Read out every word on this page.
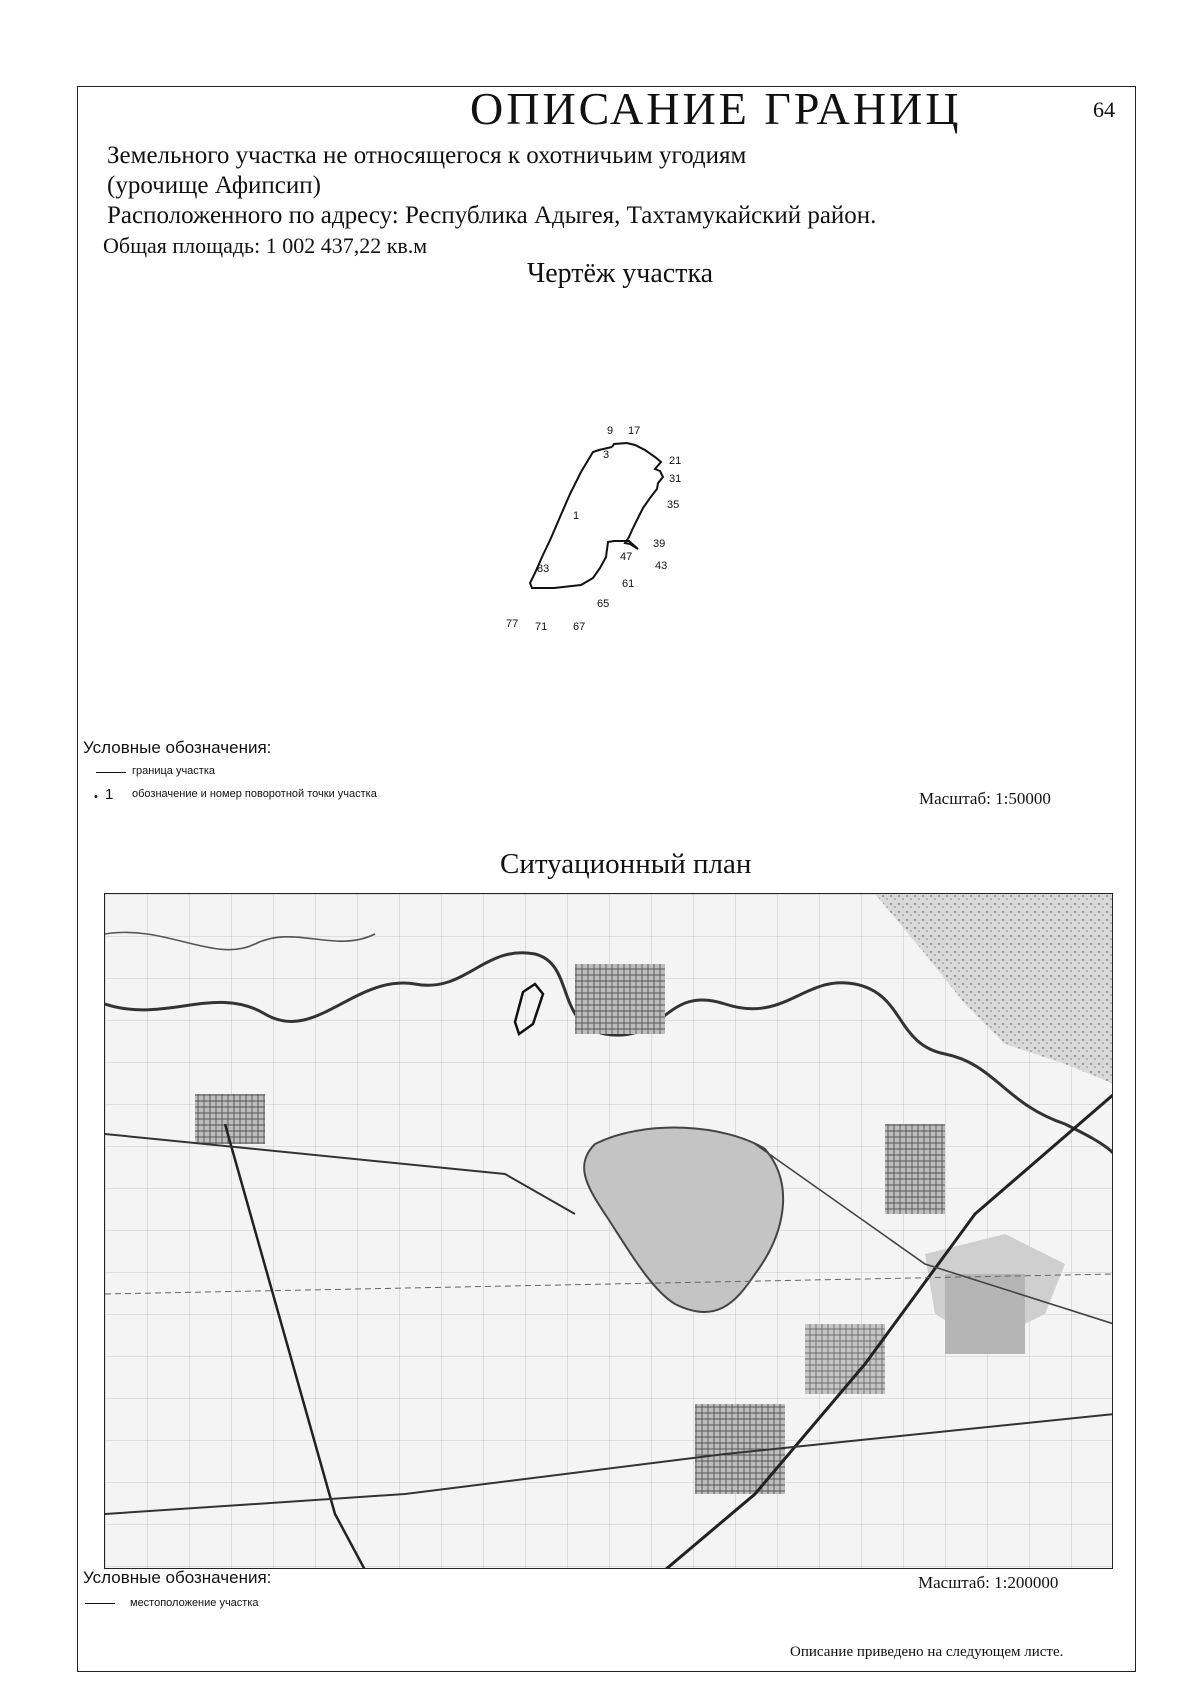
ОПИСАНИЕ ГРАНИЦ	64
Земельного участка не относящегося к охотничьим угодиям
(урочище Афипсип)
Расположенного по адресу: Республика Адыгея, Тахтамукайский район.
Общая площадь: 1 002 437,22 кв.м
Чертёж участка
9 17
3	21
31
35
1
39
47
43
83
61
65
77 71 67
Условные обозначения:
граница участка
• 1 обозначение и номер поворотной точки участка	Масштаб: 1:50000
Ситуационный план
Условные обозначения:
местоположение участка
Масштаб: 1:200000
Описание приведено на следующем листе.
